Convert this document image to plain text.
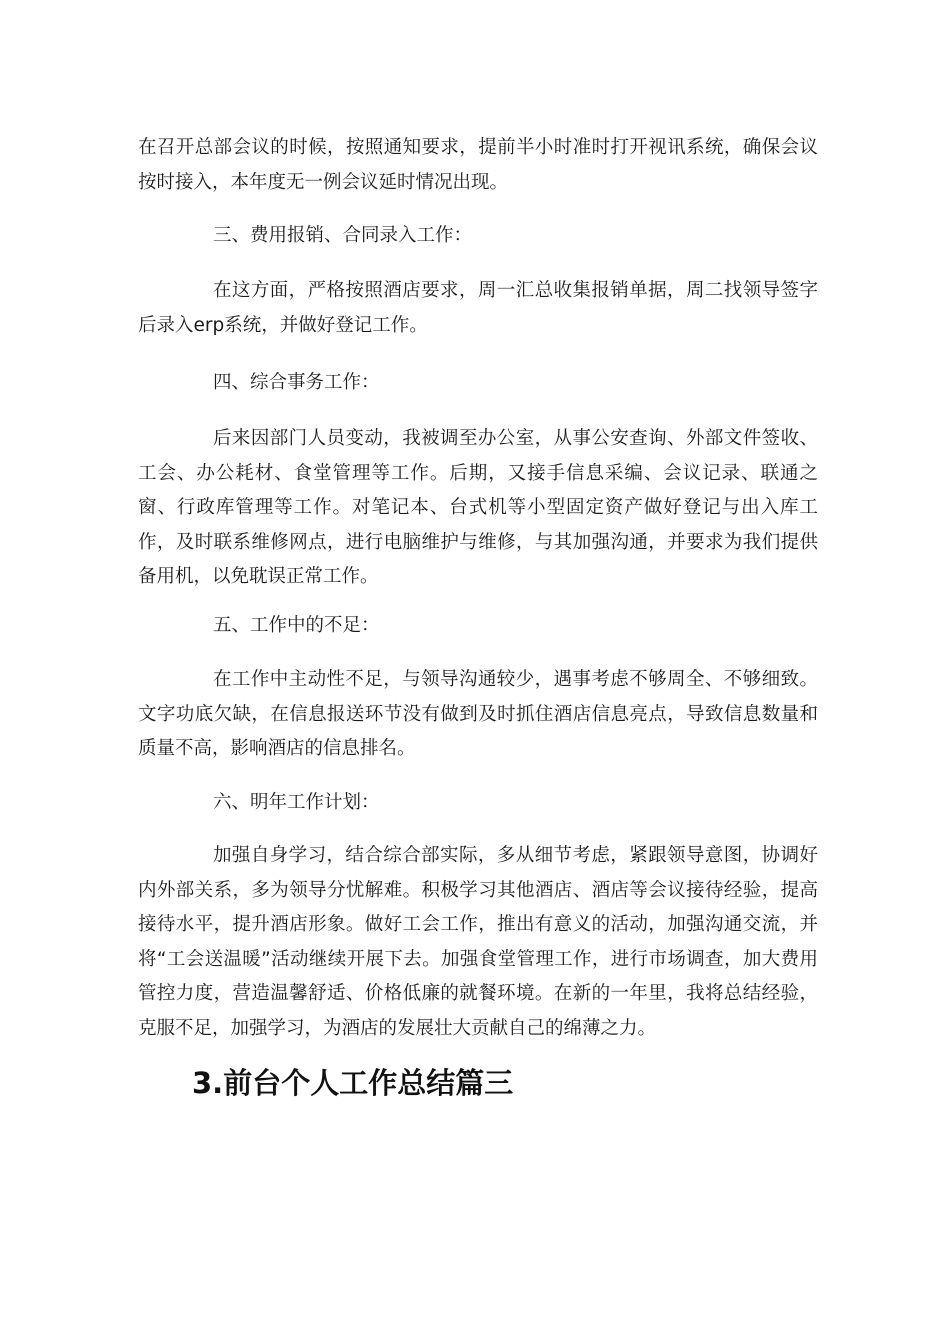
在召开总部会议的时候，按照通知要求，提前半小时准时打开视讯系统，确保会议按时接入，本年度无一例会议延时情况出现。

三、费用报销、合同录入工作：

在这方面，严格按照酒店要求，周一汇总收集报销单据，周二找领导签字后录入erp系统，并做好登记工作。

四、综合事务工作：

后来因部门人员变动，我被调至办公室，从事公安查询、外部文件签收、工会、办公耗材、食堂管理等工作。后期，又接手信息采编、会议记录、联通之窗、行政库管理等工作。对笔记本、台式机等小型固定资产做好登记与出入库工作，及时联系维修网点，进行电脑维护与维修，与其加强沟通，并要求为我们提供备用机，以免耽误正常工作。

五、工作中的不足：

在工作中主动性不足，与领导沟通较少，遇事考虑不够周全、不够细致。文字功底欠缺，在信息报送环节没有做到及时抓住酒店信息亮点，导致信息数量和质量不高，影响酒店的信息排名。

六、明年工作计划：

加强自身学习，结合综合部实际，多从细节考虑，紧跟领导意图，协调好内外部关系，多为领导分忧解难。积极学习其他酒店、酒店等会议接待经验，提高接待水平，提升酒店形象。做好工会工作，推出有意义的活动，加强沟通交流，并将“工会送温暖”活动继续开展下去。加强食堂管理工作，进行市场调查，加大费用管控力度，营造温馨舒适、价格低廉的就餐环境。在新的一年里，我将总结经验，克服不足，加强学习，为酒店的发展壮大贡献自己的绵薄之力。

3.前台个人工作总结篇三
